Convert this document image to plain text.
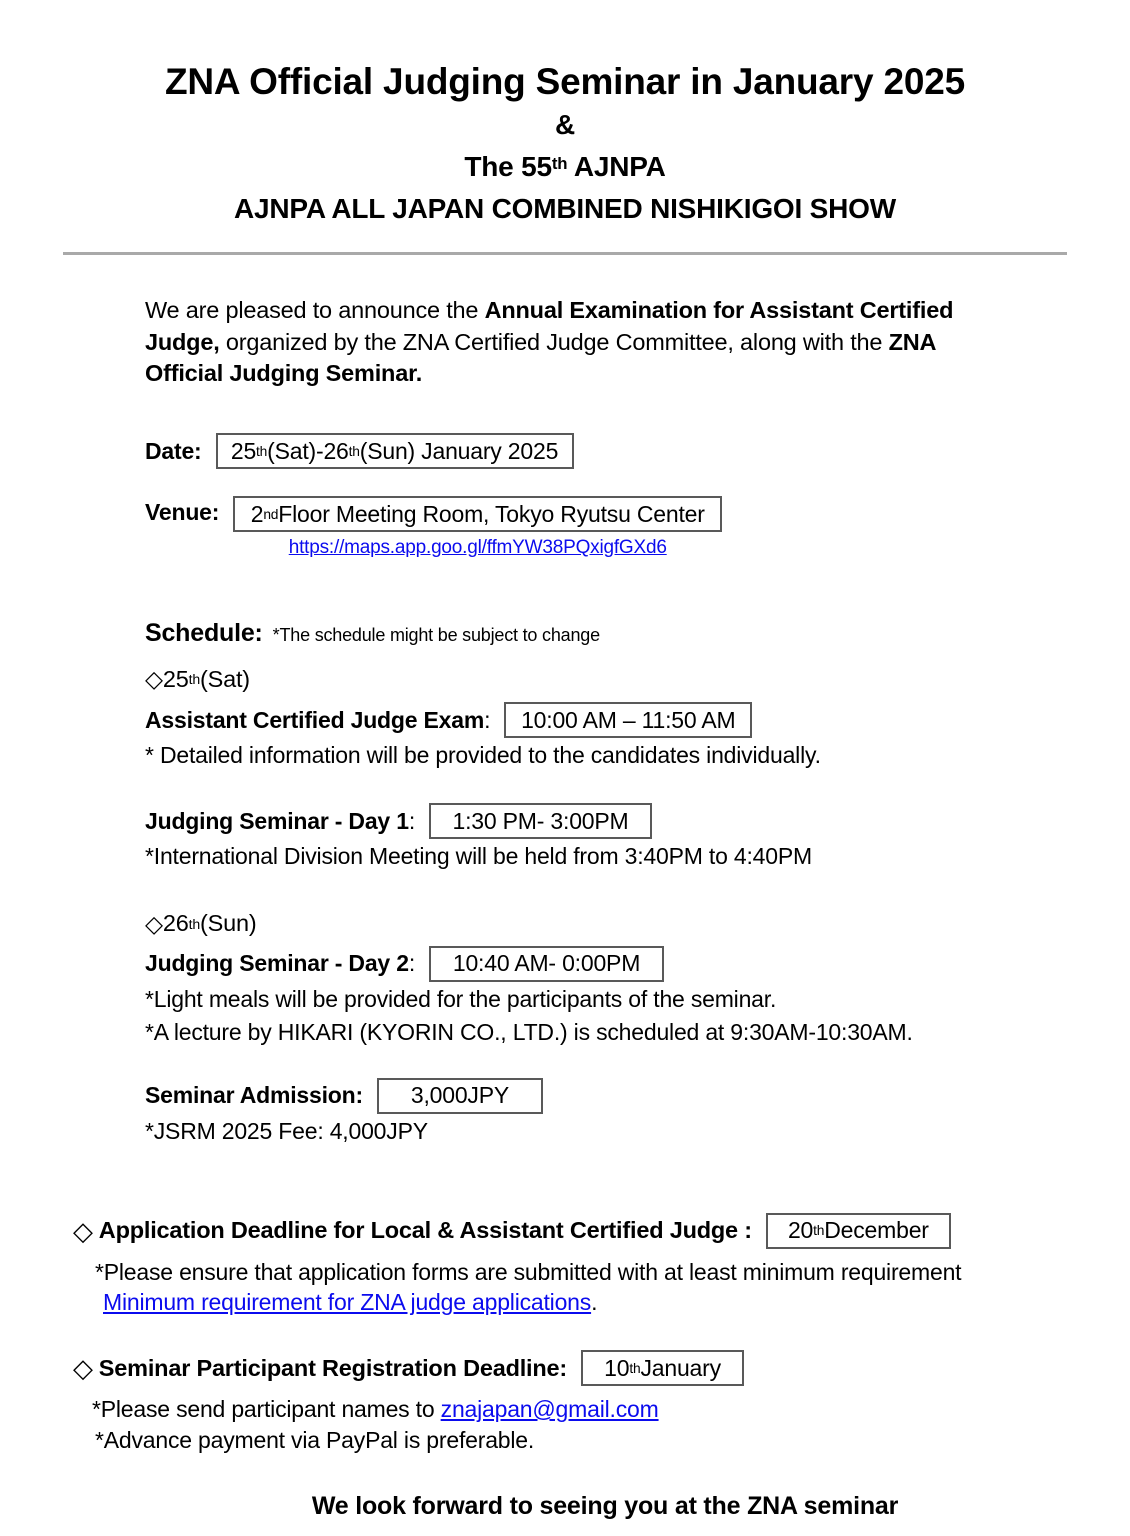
ZNA Official Judging Seminar in January 2025
&
The 55th AJNPA
AJNPA ALL JAPAN COMBINED NISHIKIGOI SHOW

We are pleased to announce the Annual Examination for Assistant Certified Judge, organized by the ZNA Certified Judge Committee, along with the ZNA Official Judging Seminar.

Date: 25 th (Sat)-26 th (Sun) January 2025
Venue: 2 nd Floor Meeting Room, Tokyo Ryutsu Center
https://maps.app.goo.gl/ffmYW38PQxigfGXd6
Schedule: *The schedule might be subject to change
◇ 25 th (Sat)
Assistant Certified Judge Exam:	10:00 AM – 11:50 AM
* Detailed information will be provided to the candidates individually.
Judging Seminar - Day 1:	1:30 PM- 3:00PM
*International Division Meeting will be held from 3:40PM to 4:40PM
◇ 26 th (Sun)
Judging Seminar - Day 2:	10:40 AM- 0:00PM
*Light meals will be provided for the participants of the seminar.
*A lecture by HIKARI (KYORIN CO., LTD.) is scheduled at 9:30AM-10:30AM.
Seminar Admission:	3,000JPY
*JSRM 2025 Fee: 4,000JPY
◇ Application Deadline for Local & Assistant Certified Judge : 20 th December
*Please ensure that application forms are submitted with at least minimum requirement
Minimum requirement for ZNA judge applications.
◇ Seminar Participant Registration Deadline: 10 th January
*Please send participant names to znajapan@gmail.com
*Advance payment via PayPal is preferable.
We look forward to seeing you at the ZNA seminar
